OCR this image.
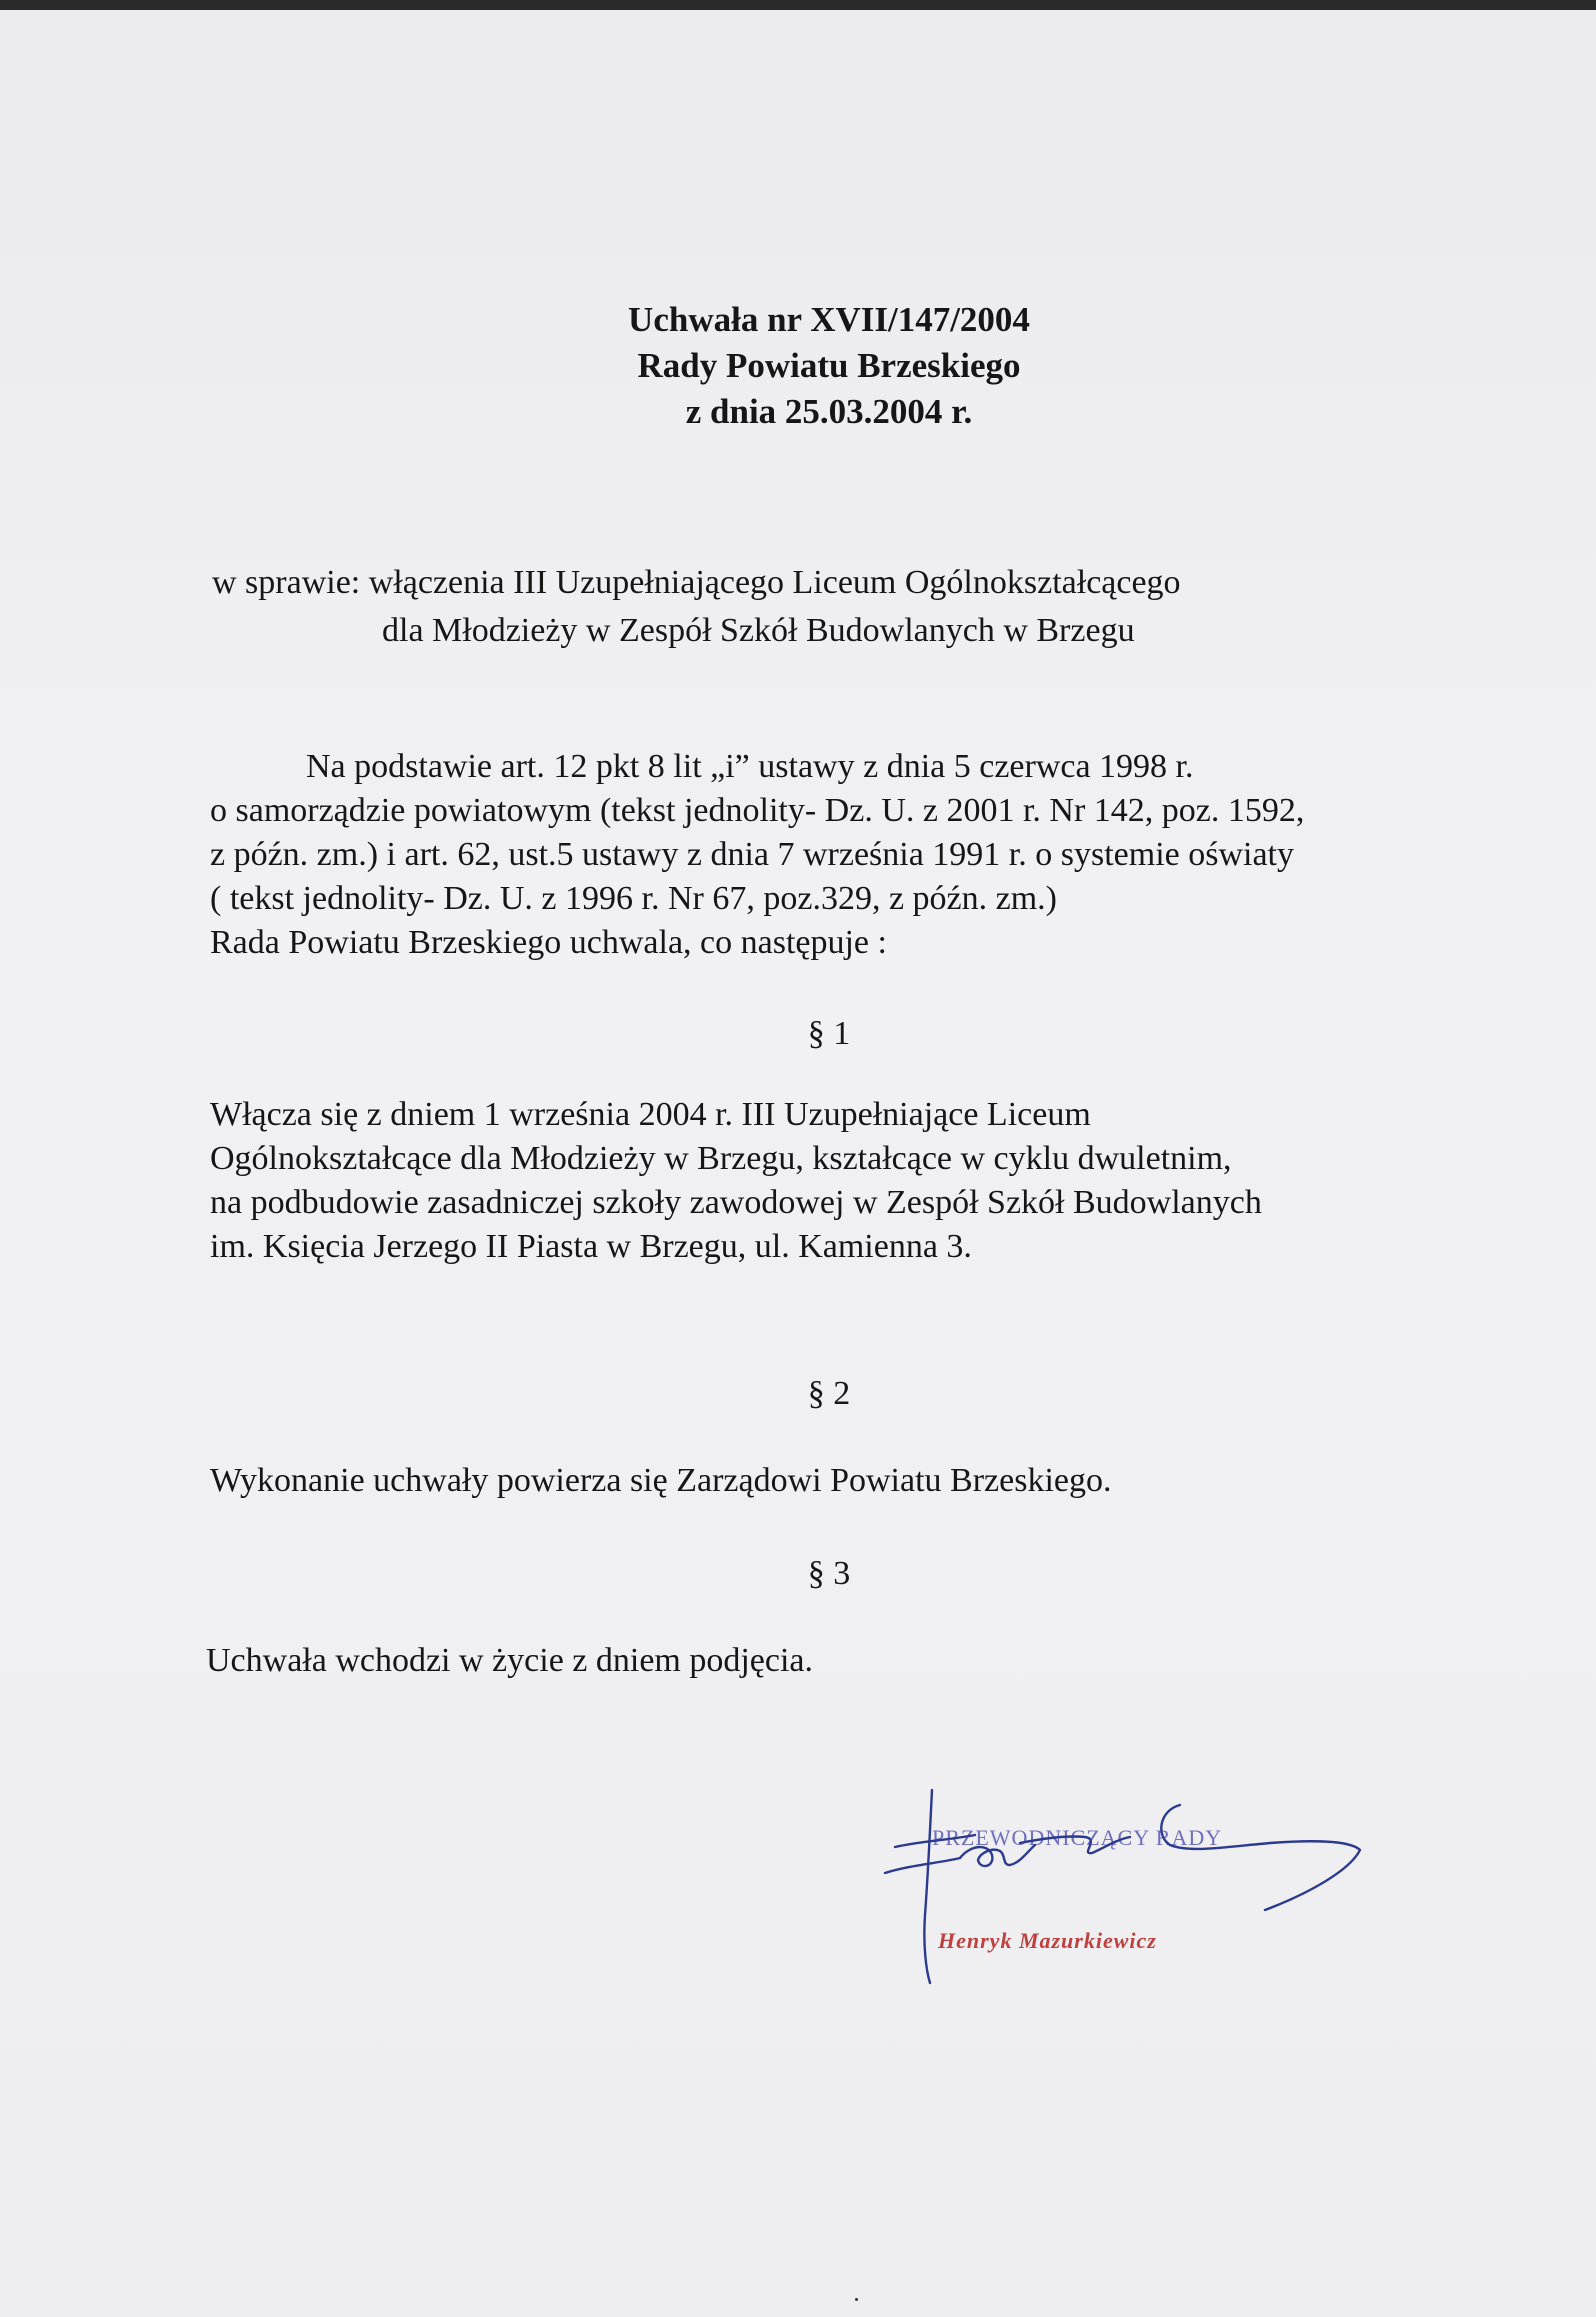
Uchwała nr XVII/147/2004
Rady Powiatu Brzeskiego
z dnia 25.03.2004 r.
w sprawie: włączenia III Uzupełniającego Liceum Ogólnokształcącego
dla Młodzieży w Zespół Szkół Budowlanych w Brzegu
Na podstawie art. 12 pkt 8 lit „i” ustawy z dnia 5 czerwca 1998 r.
o samorządzie powiatowym (tekst jednolity- Dz. U. z 2001 r. Nr 142, poz. 1592,
z późn. zm.) i art. 62, ust.5 ustawy z dnia 7 września 1991 r. o systemie oświaty
( tekst jednolity- Dz. U. z 1996 r. Nr 67, poz.329, z późn. zm.)
Rada Powiatu Brzeskiego uchwala, co następuje :
§ 1
Włącza się z dniem 1 września 2004 r. III Uzupełniające Liceum
Ogólnokształcące dla Młodzieży w Brzegu, kształcące w cyklu dwuletnim,
na podbudowie zasadniczej szkoły zawodowej w Zespół Szkół Budowlanych
im. Księcia Jerzego II Piasta w Brzegu, ul. Kamienna 3.
§ 2
Wykonanie uchwały powierza się Zarządowi Powiatu Brzeskiego.
§ 3
Uchwała wchodzi w życie z dniem podjęcia.
PRZEWODNICZĄCY RADY
Henryk Mazurkiewicz
